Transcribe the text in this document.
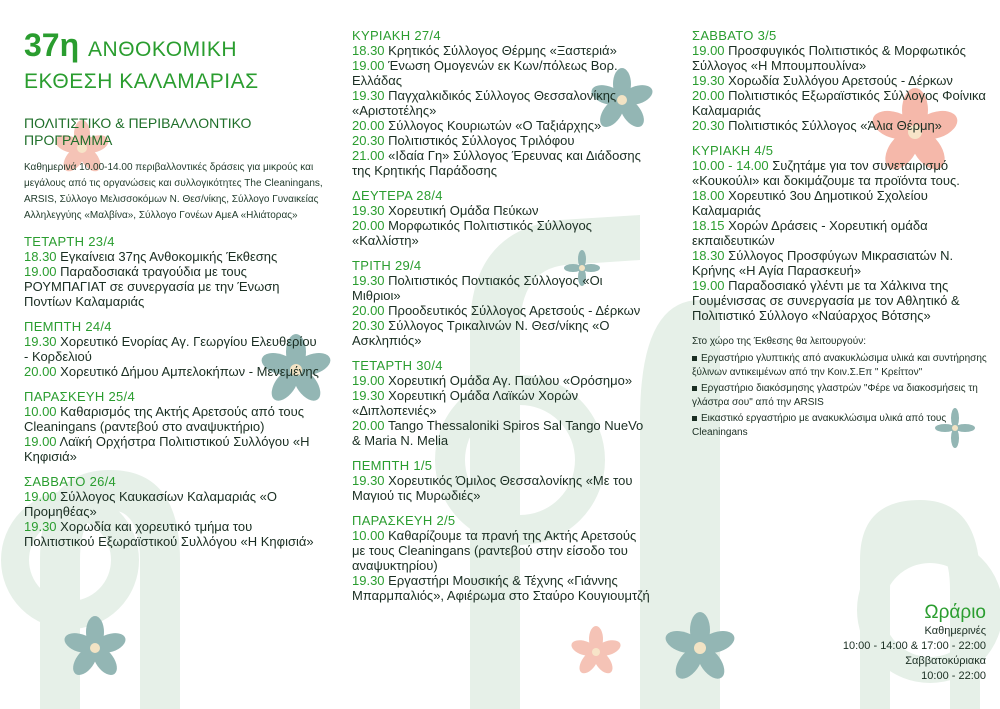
37η ΑΝΘΟΚΟΜΙΚΗ
ΕΚΘΕΣΗ ΚΑΛΑΜΑΡΙΑΣ
ΠΟΛΙΤΙΣΤΙΚΟ & ΠΕΡΙΒΑΛΛΟΝΤΙΚΟ ΠΡΟΓΡΑΜΜΑ
Καθημερινά 10.00-14.00 περιβαλλοντικές δράσεις για μικρούς και μεγάλους από τις οργανώσεις και συλλογικότητες The Cleaningans, ARSIS, Σύλλογο Μελισσοκόμων Ν. Θεσ/νίκης, Σύλλογο Γυναικείας Αλληλεγγύης «Μαλβίνα», Σύλλογο Γονέων ΑμεΑ «Ηλιάτορας»
ΤΕΤΑΡΤΗ 23/4
18.30 Εγκαίνεια 37ης Ανθοκομικής Έκθεσης
19.00 Παραδοσιακά τραγούδια με τους ΡΟΥΜΠΑΓΙΑΤ σε συνεργασία με την Ένωση Ποντίων Καλαμαριάς
ΠΕΜΠΤΗ 24/4
19.30 Χορευτικό Ενορίας Αγ. Γεωργίου Ελευθερίου - Κορδελιού
20.00 Χορευτικό Δήμου Αμπελοκήπων - Μενεμένης
ΠΑΡΑΣΚΕΥΗ 25/4
10.00 Καθαρισμός της Ακτής Αρετσούς από τους Cleaningans (ραντεβού στο αναψυκτήριο)
19.00 Λαϊκή Ορχήστρα Πολιτιστικού Συλλόγου «Η Κηφισιά»
ΣΑΒΒΑΤΟ 26/4
19.00 Σύλλογος Καυκασίων Καλαμαριάς «Ο Προμηθέας»
19.30 Χορωδία και χορευτικό τμήμα του Πολιτιστικού Εξωραϊστικού Συλλόγου «Η Κηφισιά»
ΚΥΡΙΑΚΗ 27/4
18.30 Κρητικός Σύλλογος Θέρμης «Ξαστεριά»
19.00 Ένωση Ομογενών εκ Κων/πόλεως Βορ. Ελλάδας
19.30 Παγχαλκιδικός Σύλλογος Θεσσαλονίκης «Αριστοτέλης»
20.00 Σύλλογος Κουριωτών «Ο Ταξιάρχης»
20.30 Πολιτιστικός Σύλλογος Τριλόφου
21.00 «Ιδαία Γη» Σύλλογος Έρευνας και Διάδοσης της Κρητικής Παράδοσης
ΔΕΥΤΕΡΑ 28/4
19.30 Χορευτική Ομάδα Πεύκων
20.00 Μορφωτικός Πολιτιστικός Σύλλογος «Καλλίστη»
ΤΡΙΤΗ 29/4
19.30 Πολιτιστικός Ποντιακός Σύλλογος «Οι Μιθριοι»
20.00 Προοδευτικός Σύλλογος Αρετσούς - Δέρκων
20.30 Σύλλογος Τρικαλινών Ν. Θεσ/νίκης «Ο Ασκληπιός»
ΤΕΤΑΡΤΗ 30/4
19.00 Χορευτική Ομάδα Αγ. Παύλου «Ορόσημο»
19.30 Χορευτική Ομάδα Λαϊκών Χορών «Διπλοπενιές»
20.00 Tango Thessaloniki Spiros Sal Tango NueVo & Maria N. Melia
ΠΕΜΠΤΗ 1/5
19.30 Χορευτικός Όμιλος Θεσσαλονίκης «Με του Μαγιού τις Μυρωδιές»
ΠΑΡΑΣΚΕΥΗ 2/5
10.00 Καθαρίζουμε τα πρανή της Ακτής Αρετσούς με τους Cleaningans (ραντεβού στην είσοδο του αναψυκτηρίου)
19.30 Εργαστήρι Μουσικής & Τέχνης «Γιάννης Μπαρμπαλιός», Αφιέρωμα στο Σταύρο Κουγιουμτζή
ΣΑΒΒΑΤΟ 3/5
19.00 Προσφυγικός Πολιτιστικός & Μορφωτικός Σύλλογος «Η Μπουμπουλίνα»
19.30 Χορωδία Συλλόγου Αρετσούς - Δέρκων
20.00 Πολιτιστικός Εξωραϊστικός Σύλλογος Φοίνικα Καλαμαριάς
20.30 Πολιτιστικός Σύλλογος «Άλια Θέρμη»
ΚΥΡΙΑΚΗ 4/5
10.00 - 14.00 Συζητάμε για τον συνεταιρισμό «Κουκούλι» και δοκιμάζουμε τα προϊόντα τους.
18.00 Χορευτικό 3ου Δημοτικού Σχολείου Καλαμαριάς
18.15 Χορών Δράσεις - Χορευτική ομάδα εκπαιδευτικών
18.30 Σύλλογος Προσφύγων Μικρασιατών Ν. Κρήνης «Η Αγία Παρασκευή»
19.00 Παραδοσιακό γλέντι με τα Χάλκινα της Γουμένισσας σε συνεργασία με τον Αθλητικό & Πολιτιστικό Σύλλογο «Ναύαρχος Βότσης»
Στο χώρο της Έκθεσης θα λειτουργούν:
Εργαστήριο γλυπτικής από ανακυκλώσιμα υλικά και συντήρησης ξύλινων αντικειμένων από την Κοιν.Σ.Επ " Κρείττον"
Εργαστήριο διακόσμησης γλαστρών "Φέρε να διακοσμήσεις τη γλάστρα σου" από την ARSIS
Εικαστικό εργαστήριο με ανακυκλώσιμα υλικά από τους Cleaningans
Ωράριο
Καθημερινές
10:00 - 14:00 & 17:00 - 22:00
Σαββατοκύριακα
10:00 - 22:00
